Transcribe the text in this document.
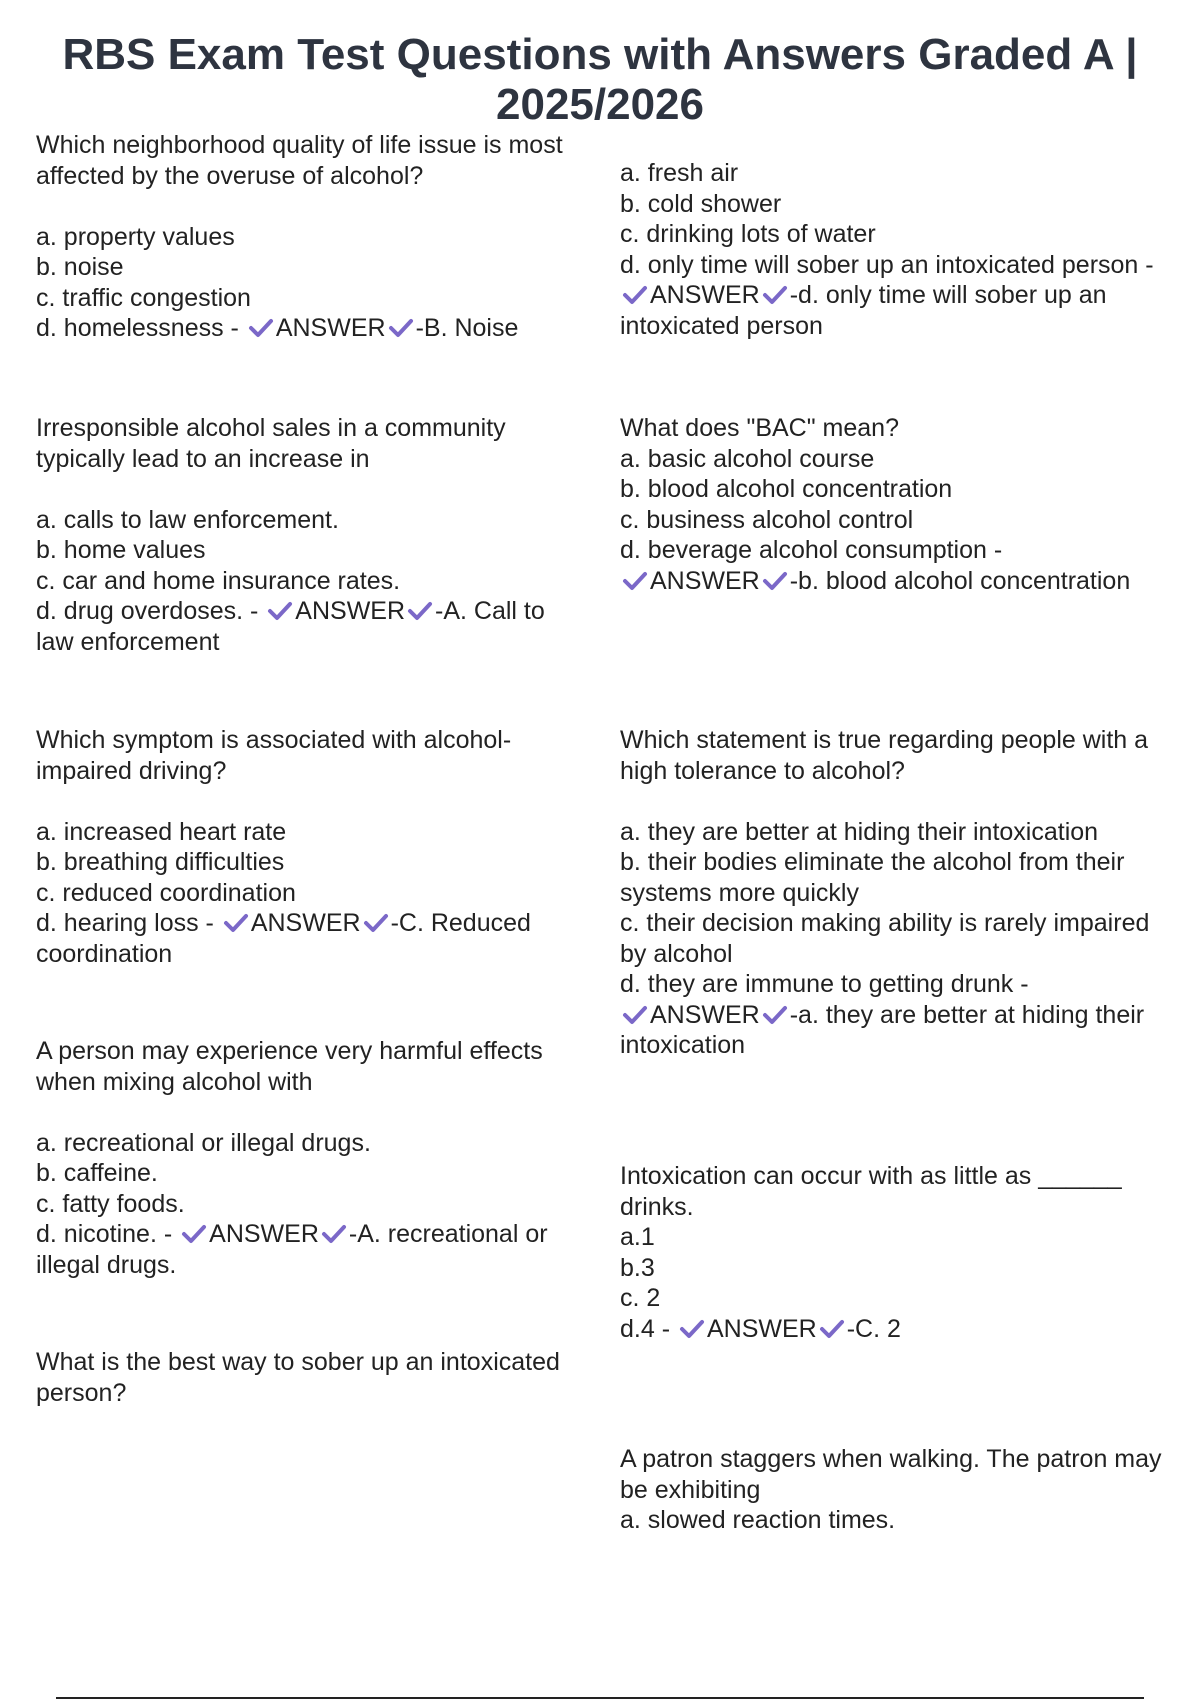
RBS Exam Test Questions with Answers Graded A |
2025/2026
Which neighborhood quality of life issue is most
affected by the overuse of alcohol?
a. property values
b. noise
c. traffic congestion
d. homelessness - ANSWER -B. Noise
Irresponsible alcohol sales in a community
typically lead to an increase in
a. calls to law enforcement.
b. home values
c. car and home insurance rates.
d. drug overdoses. - ANSWER -A. Call to
law enforcement
Which symptom is associated with alcohol-
impaired driving?
a. increased heart rate
b. breathing difficulties
c. reduced coordination
d. hearing loss - ANSWER -C. Reduced
coordination
A person may experience very harmful effects
when mixing alcohol with
a. recreational or illegal drugs.
b. caffeine.
c. fatty foods.
d. nicotine. - ANSWER -A. recreational or
illegal drugs.
What is the best way to sober up an intoxicated
person?
a. fresh air
b. cold shower
c. drinking lots of water
d. only time will sober up an intoxicated person -
ANSWER -d. only time will sober up an
intoxicated person
What does "BAC" mean?
a. basic alcohol course
b. blood alcohol concentration
c. business alcohol control
d. beverage alcohol consumption -
ANSWER -b. blood alcohol concentration
Which statement is true regarding people with a
high tolerance to alcohol?
a. they are better at hiding their intoxication
b. their bodies eliminate the alcohol from their
systems more quickly
c. their decision making ability is rarely impaired
by alcohol
d. they are immune to getting drunk -
ANSWER -a. they are better at hiding their
intoxication
Intoxication can occur with as little as ______
drinks.
a.1
b.3
c. 2
d.4 - ANSWER -C. 2
A patron staggers when walking. The patron may
be exhibiting
a. slowed reaction times.
